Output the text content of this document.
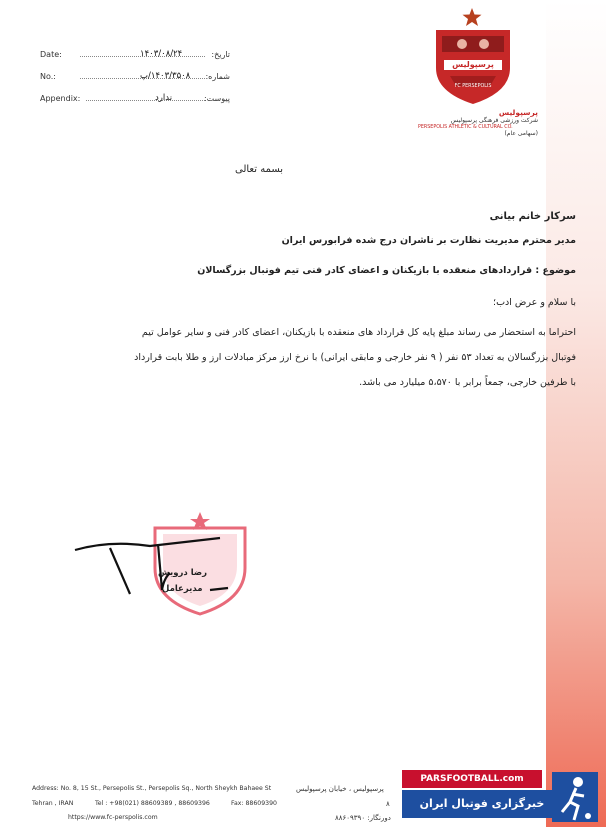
Date:	۱۴۰۳/۰۸/۲۴	تاریخ:
No.:	۱۴۰۳/۳۵۰۸/پ شماره:
Appendix:	ندارد	پیوست:
پرسپولیس
FC PERSEPOLIS
پرسپولیس
شرکت ورزشی فرهنگی پرسپولیس
PERSEPOLIS ATHLETIC & CULTURAL CO.
(سهامی عام)
بسمه تعالی
سرکار خانم بیانی
مدیر محترم مدیریت نظارت بر ناشران درج شده فرابورس ایران
موضوع : قراردادهای منعقده با بازیکنان و اعضای کادر فنی تیم فوتبال بزرگسالان
با سلام و عرض ادب؛
احتراما به استحضار می رساند مبلغ پایه کل قرارداد های منعقده با بازیکنان، اعضای کادر فنی و سایر عوامل تیم
فوتبال بزرگسالان به تعداد ۵۳ نفر ( ۹ نفر خارجی و مابقی ایرانی) با نرخ ارز مرکز مبادلات ارز و طلا بابت قرارداد
با طرفین خارجی، جمعاً برابر با ۵،۵۷۰ میلیارد می باشد.
رضا درویش
مدیرعامل
Address: No. 8, 15 St., Persepolis St., Persepolis Sq., North Sheykh Bahaee St
Tehran , IRAN	Tel : +98(021) 88609389 , 88609396	Fax: 88609390
https://www.fc-perspolis.com
پرسپولیس ، خیابان پرسپولیس
۸
دورنگار: ۸۸۶۰۹۳۹۰
PARSFOOTBALL.com
خبرگزاری فوتبال ایران
